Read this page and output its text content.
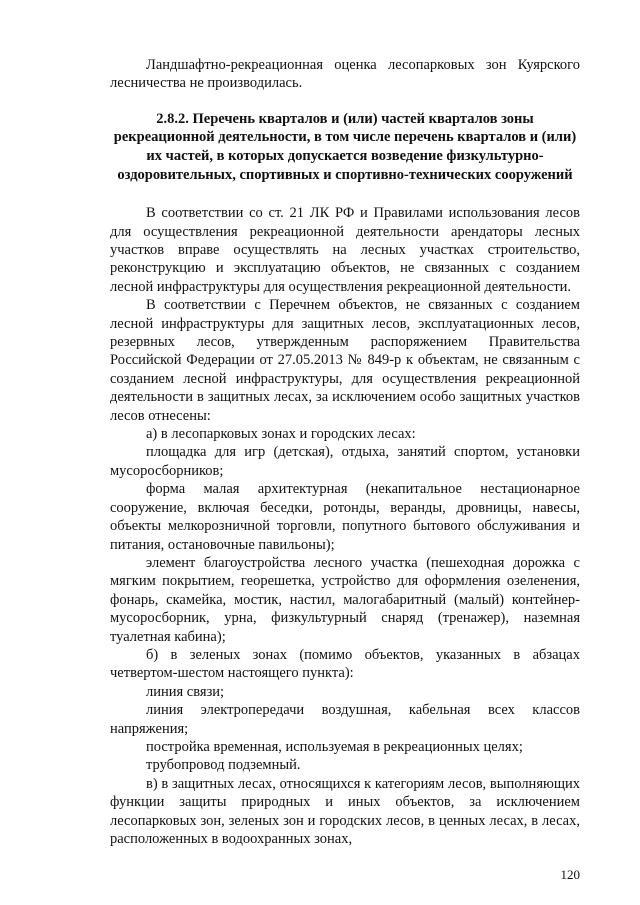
Ландшафтно-рекреационная оценка лесопарковых зон Куярского лесничества не производилась.

2.8.2. Перечень кварталов и (или) частей кварталов зоны рекреационной деятельности, в том числе перечень кварталов и (или) их частей, в которых допускается возведение физкультурно-оздоровительных, спортивных и спортивно-технических сооружений

В соответствии со ст. 21 ЛК РФ и Правилами использования лесов для осуществления рекреационной деятельности арендаторы лесных участков вправе осуществлять на лесных участках строительство, реконструкцию и эксплуатацию объектов, не связанных с созданием лесной инфраструктуры для осуществления рекреационной деятельности.

В соответствии с Перечнем объектов, не связанных с созданием лесной инфраструктуры для защитных лесов, эксплуатационных лесов, резервных лесов, утвержденным распоряжением Правительства Российской Федерации от 27.05.2013 № 849-р к объектам, не связанным с созданием лесной инфраструктуры, для осуществления рекреационной деятельности в защитных лесах, за исключением особо защитных участков лесов отнесены:

а) в лесопарковых зонах и городских лесах:

площадка для игр (детская), отдыха, занятий спортом, установки мусоросборников;

форма малая архитектурная (некапитальное нестационарное сооружение, включая беседки, ротонды, веранды, дровницы, навесы, объекты мелкорозничной торговли, попутного бытового обслуживания и питания, остановочные павильоны);

элемент благоустройства лесного участка (пешеходная дорожка с мягким покрытием, георешетка, устройство для оформления озеленения, фонарь, скамейка, мостик, настил, малогабаритный (малый) контейнер-мусоросборник, урна, физкультурный снаряд (тренажер), наземная туалетная кабина);

б) в зеленых зонах (помимо объектов, указанных в абзацах четвертом-шестом настоящего пункта):

линия связи;

линия электропередачи воздушная, кабельная всех классов напряжения;

постройка временная, используемая в рекреационных целях;

трубопровод подземный.

в) в защитных лесах, относящихся к категориям лесов, выполняющих функции защиты природных и иных объектов, за исключением лесопарковых зон, зеленых зон и городских лесов, в ценных лесах, в лесах, расположенных в водоохранных зонах,

120
